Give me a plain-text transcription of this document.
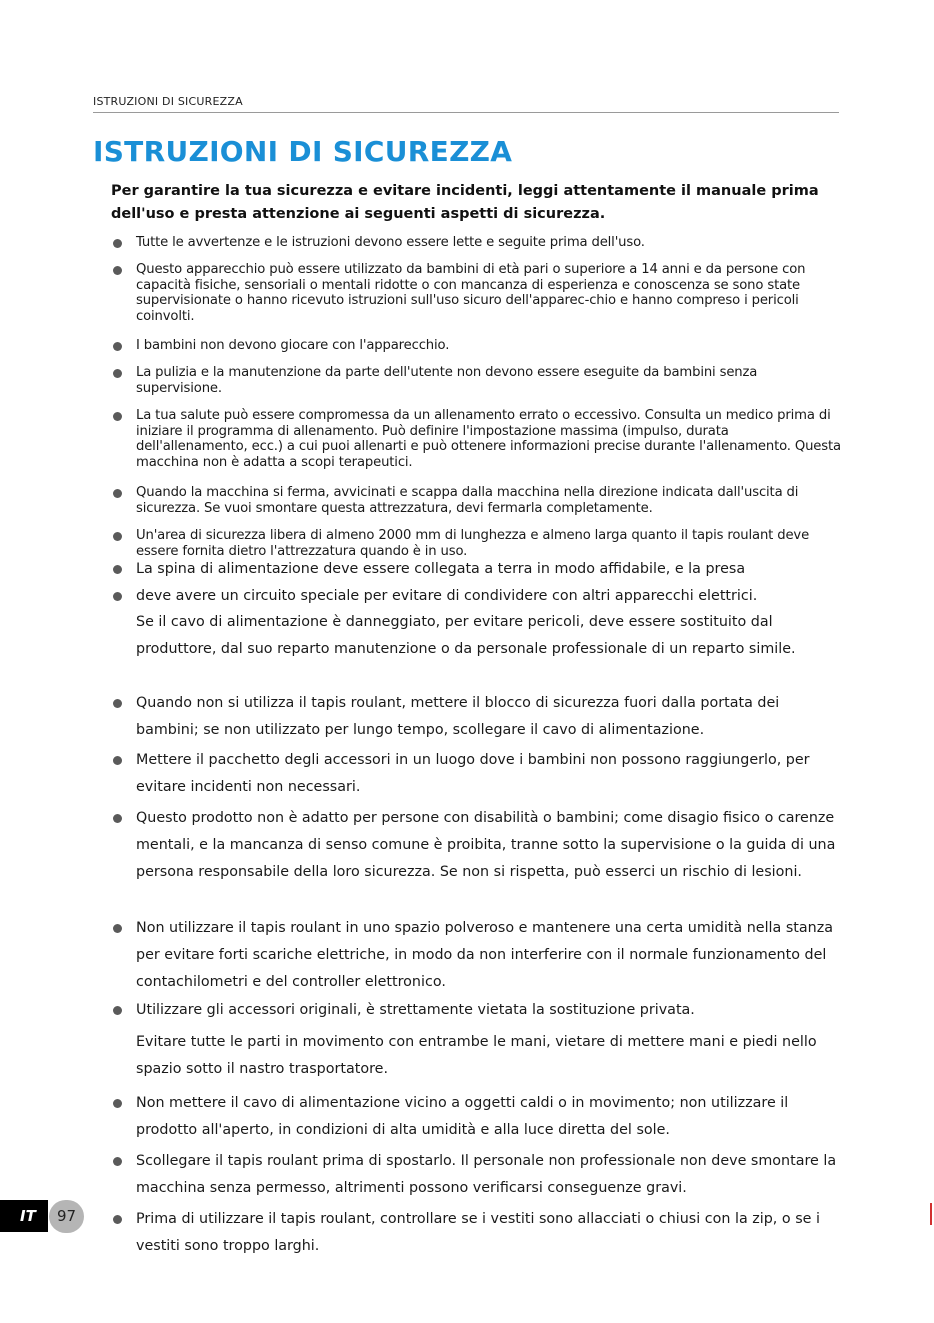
ISTRUZIONI DI SICUREZZA
ISTRUZIONI DI SICUREZZA

Per garantire la tua sicurezza e evitare incidenti, leggi attentamente il manuale prima
dell'uso e presta attenzione ai seguenti aspetti di sicurezza.

Tutte le avvertenze e le istruzioni devono essere lette e seguite prima dell'uso.
Questo apparecchio può essere utilizzato da bambini di età pari o superiore a 14 anni e da persone con capacità fisiche, sensoriali o mentali ridotte o con mancanza di esperienza e conoscenza se sono state supervisionate o hanno ricevuto istruzioni sull'uso sicuro dell'apparec-chio e hanno compreso i pericoli coinvolti.
I bambini non devono giocare con l'apparecchio.
La pulizia e la manutenzione da parte dell'utente non devono essere eseguite da bambini senza supervisione.
La tua salute può essere compromessa da un allenamento errato o eccessivo. Consulta un medico prima di iniziare il programma di allenamento. Può definire l'impostazione massima (impulso, durata dell'allenamento, ecc.) a cui puoi allenarti e può ottenere informazioni precise durante l'allenamento. Questa macchina non è adatta a scopi terapeutici.
Quando la macchina si ferma, avvicinati e scappa dalla macchina nella direzione indicata dall'uscita di sicurezza. Se vuoi smontare questa attrezzatura, devi fermarla completamente.
Un'area di sicurezza libera di almeno 2000 mm di lunghezza e almeno larga quanto il tapis roulant deve essere fornita dietro l'attrezzatura quando è in uso.
La spina di alimentazione deve essere collegata a terra in modo affidabile, e la presa
deve avere un circuito speciale per evitare di condividere con altri apparecchi elettrici.
Se il cavo di alimentazione è danneggiato, per evitare pericoli, deve essere sostituito dal produttore, dal suo reparto manutenzione o da personale professionale di un reparto simile.
Quando non si utilizza il tapis roulant, mettere il blocco di sicurezza fuori dalla portata dei bambini; se non utilizzato per lungo tempo, scollegare il cavo di alimentazione.
Mettere il pacchetto degli accessori in un luogo dove i bambini non possono raggiungerlo, per evitare incidenti non necessari.
Questo prodotto non è adatto per persone con disabilità o bambini; come disagio fisico o carenze mentali, e la mancanza di senso comune è proibita, tranne sotto la supervisione o la guida di una persona responsabile della loro sicurezza. Se non si rispetta, può esserci un rischio di lesioni.
Non utilizzare il tapis roulant in uno spazio polveroso e mantenere una certa umidità nella stanza per evitare forti scariche elettriche, in modo da non interferire con il normale funzionamento del contachilometri e del controller elettronico.
Utilizzare gli accessori originali, è strettamente vietata la sostituzione privata.
Evitare tutte le parti in movimento con entrambe le mani, vietare di mettere mani e piedi nello spazio sotto il nastro trasportatore.
Non mettere il cavo di alimentazione vicino a oggetti caldi o in movimento; non utilizzare il prodotto all'aperto, in condizioni di alta umidità e alla luce diretta del sole.
Scollegare il tapis roulant prima di spostarlo. Il personale non professionale non deve smontare la macchina senza permesso, altrimenti possono verificarsi conseguenze gravi.
Prima di utilizzare il tapis roulant, controllare se i vestiti sono allacciati o chiusi con la zip, o se i vestiti sono troppo larghi.
IT	97
